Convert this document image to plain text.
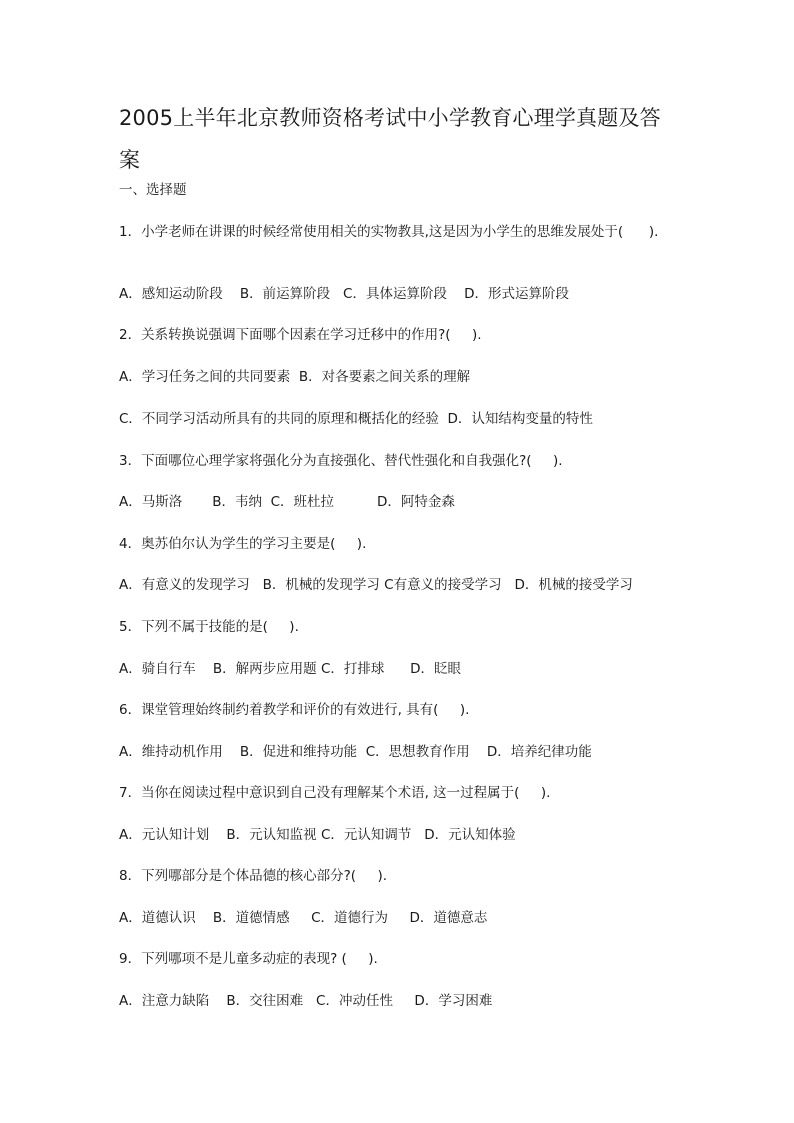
2005上半年北京教师资格考试中小学教育心理学真题及答
案
一、选择题
1．小学老师在讲课的时候经常使用相关的实物教具,这是因为小学生的思维发展处于(      ).
A．感知运动阶段    B．前运算阶段   C．具体运算阶段    D．形式运算阶段
2．关系转换说强调下面哪个因素在学习迁移中的作用?(     ).
A．学习任务之间的共同要素  B．对各要素之间关系的理解
C．不同学习活动所具有的共同的原理和概括化的经验  D．认知结构变量的特性
3．下面哪位心理学家将强化分为直接强化、替代性强化和自我强化?(     ).
A．马斯洛       B．韦纳  C．班杜拉          D．阿特金森
4．奥苏伯尔认为学生的学习主要是(     ).
A．有意义的发现学习   B．机械的发现学习 C有意义的接受学习   D．机械的接受学习
5．下列不属于技能的是(     ).
A．骑自行车    B．解两步应用题 C．打排球      D．眨眼
6．课堂管理始终制约着教学和评价的有效进行, 具有(     ).
A．维持动机作用    B．促进和维持功能  C．思想教育作用    D．培养纪律功能
7．当你在阅读过程中意识到自己没有理解某个术语, 这一过程属于(     ).
A．元认知计划    B．元认知监视 C．元认知调节   D．元认知体验
8．下列哪部分是个体品德的核心部分?(     ).
A．道德认识    B．道德情感     C．道德行为     D．道德意志
9．下列哪项不是儿童多动症的表现? (     ).
A．注意力缺陷    B．交往困难   C．冲动任性     D．学习困难
